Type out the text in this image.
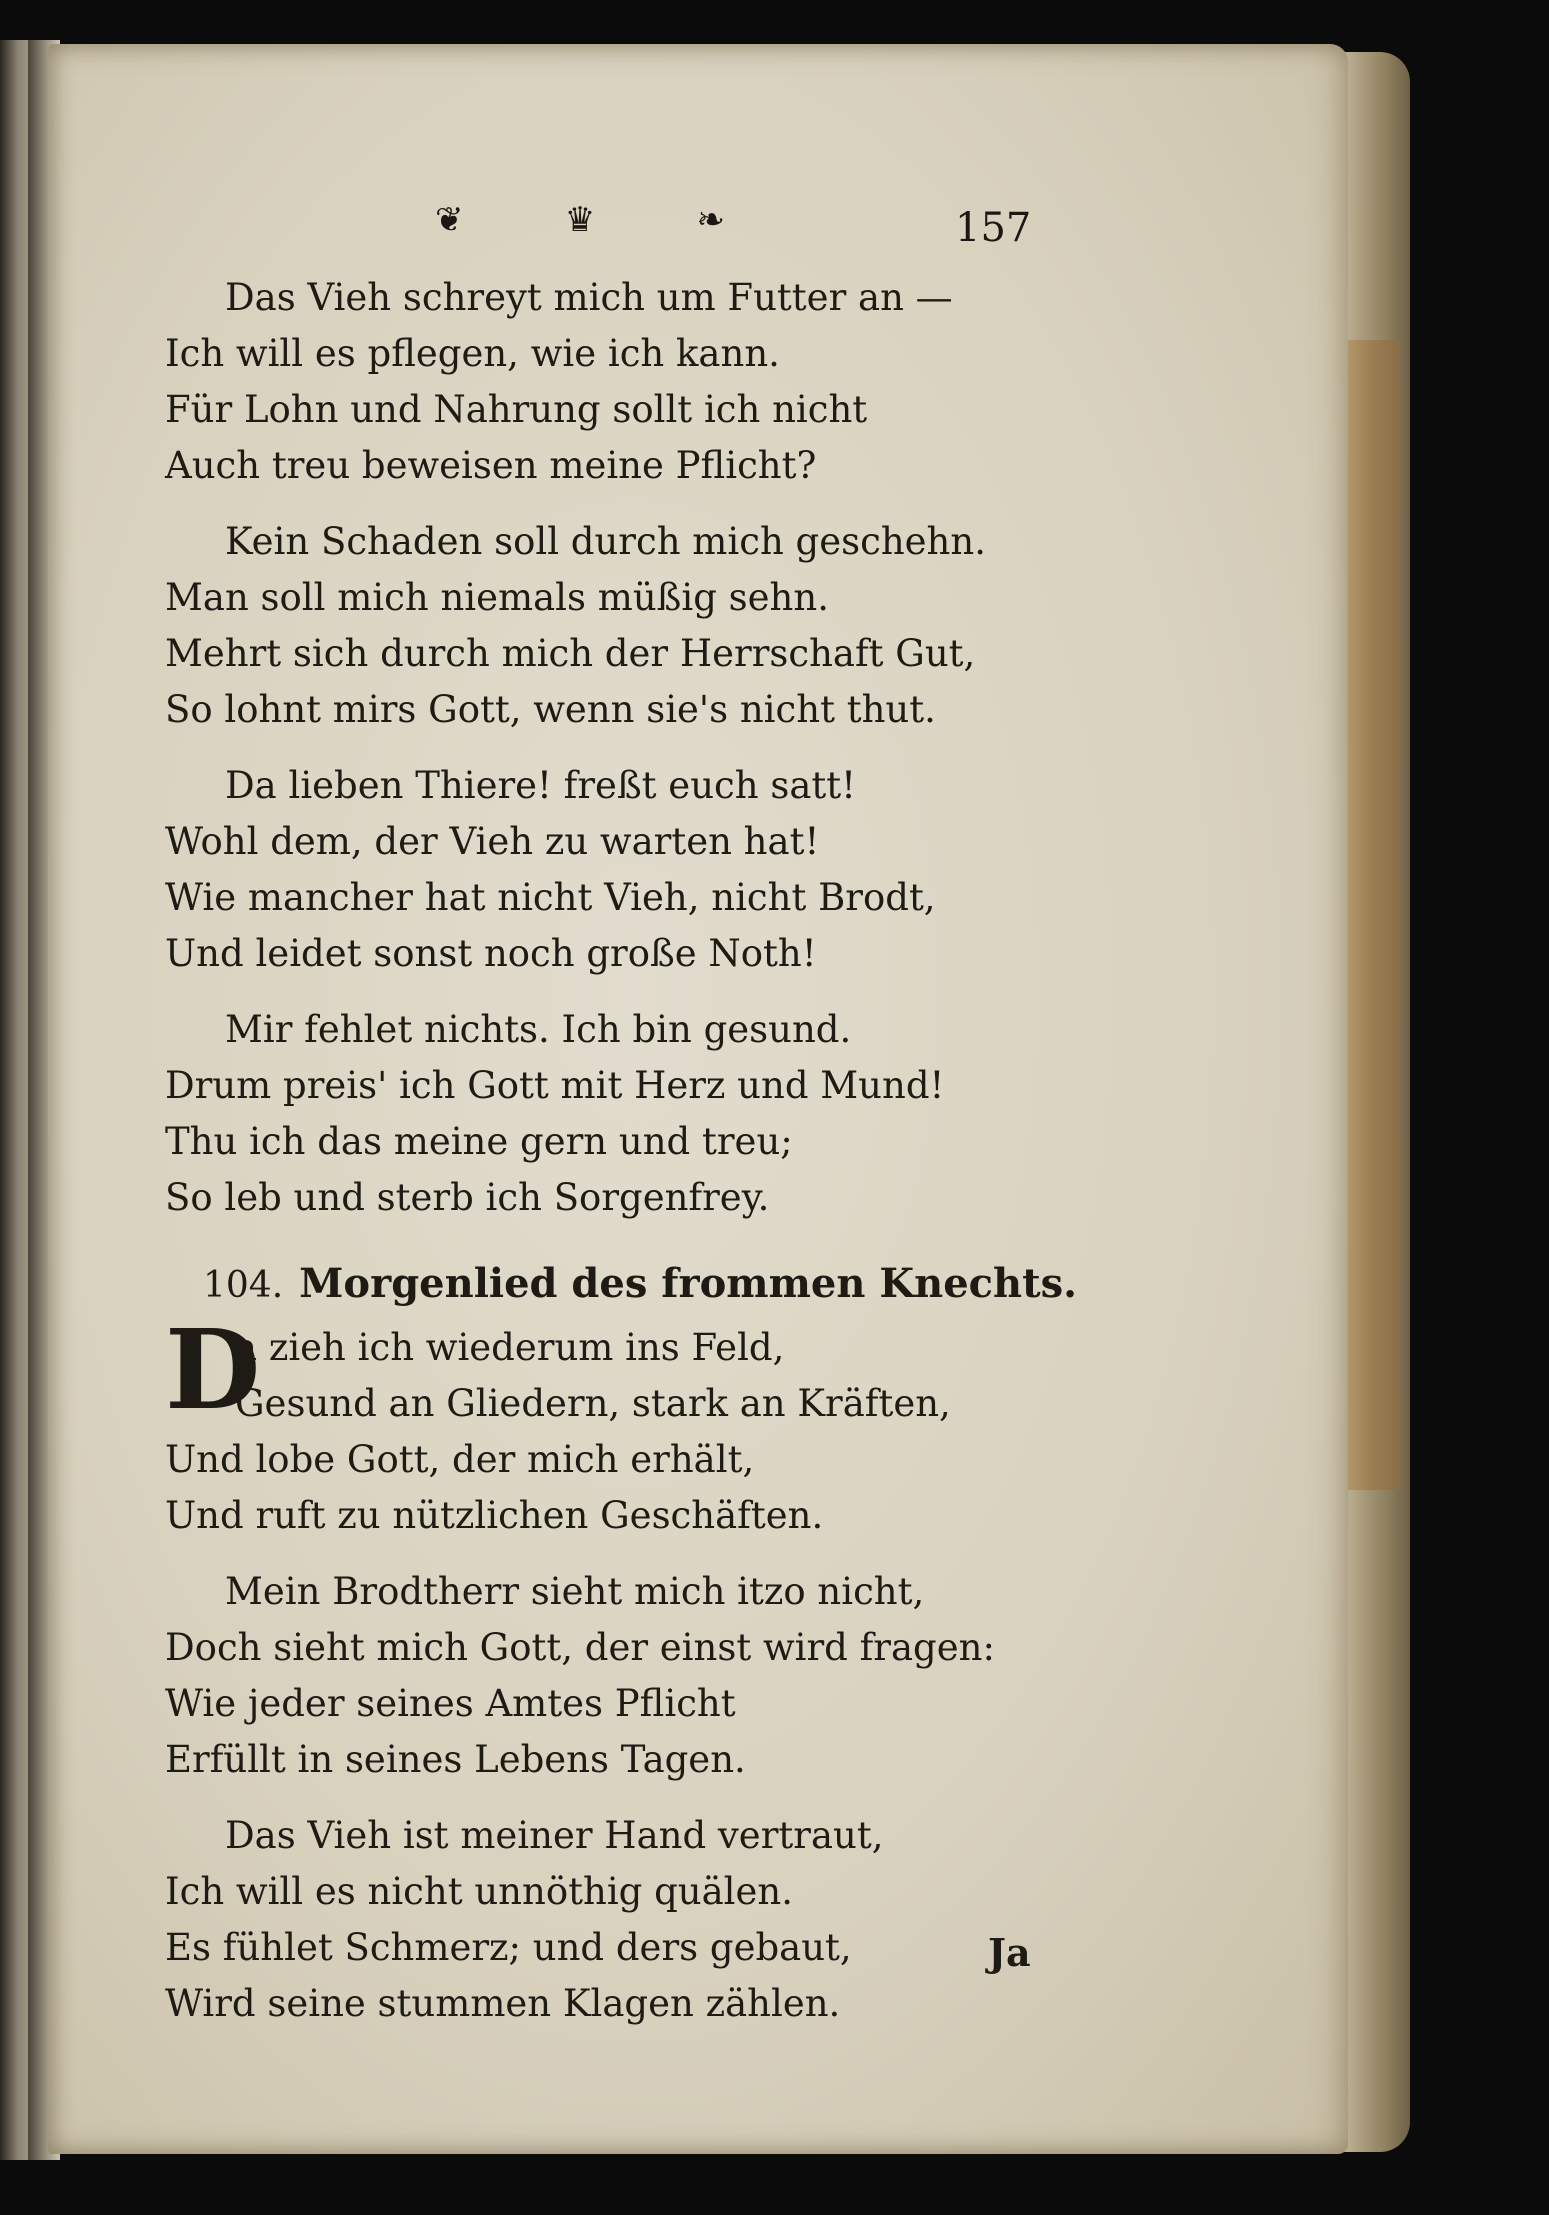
❦	♛	❧	157
Das Vieh schreyt mich um Futter an —
Ich will es pflegen, wie ich kann.
Für Lohn und Nahrung sollt ich nicht
Auch treu beweisen meine Pflicht?
Kein Schaden soll durch mich geschehn.
Man soll mich niemals müßig sehn.
Mehrt sich durch mich der Herrschaft Gut,
So lohnt mirs Gott, wenn sie's nicht thut.
Da lieben Thiere! freßt euch satt!
Wohl dem, der Vieh zu warten hat!
Wie mancher hat nicht Vieh, nicht Brodt,
Und leidet sonst noch große Noth!
Mir fehlet nichts. Ich bin gesund.
Drum preis' ich Gott mit Herz und Mund!
Thu ich das meine gern und treu;
So leb und sterb ich Sorgenfrey.
104. Morgenlied des frommen Knechts.
D
a zieh ich wiederum ins Feld,
Gesund an Gliedern, stark an Kräften,
Und lobe Gott, der mich erhält,
Und ruft zu nützlichen Geschäften.
Mein Brodtherr sieht mich itzo nicht,
Doch sieht mich Gott, der einst wird fragen:
Wie jeder seines Amtes Pflicht
Erfüllt in seines Lebens Tagen.
Das Vieh ist meiner Hand vertraut,
Ich will es nicht unnöthig quälen.
Es fühlet Schmerz; und ders gebaut,
Wird seine stummen Klagen zählen.
Ja
